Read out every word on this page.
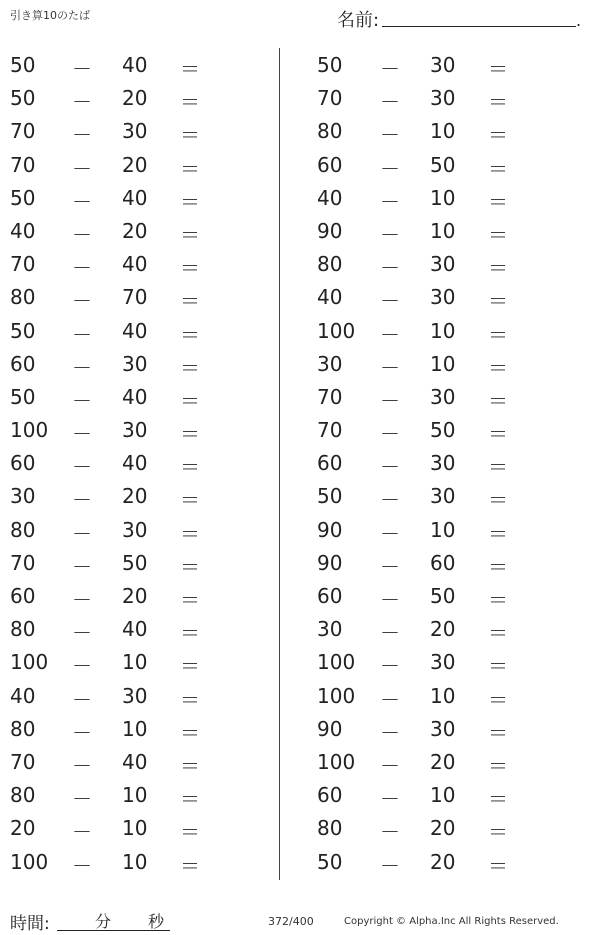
引き算10のたば	名前:	.
50 － 40 ＝
50 － 20 ＝
70 － 30 ＝
70 － 20 ＝
50 － 40 ＝
40 － 20 ＝
70 － 40 ＝
80 － 70 ＝
50 － 40 ＝
60 － 30 ＝
50 － 40 ＝
100 － 30 ＝
60 － 40 ＝
30 － 20 ＝
80 － 30 ＝
70 － 50 ＝
60 － 20 ＝
80 － 40 ＝
100 － 10 ＝
40 － 30 ＝
80 － 10 ＝
70 － 40 ＝
80 － 10 ＝
20 － 10 ＝
100 － 10 ＝
50 － 30 ＝
70 － 30 ＝
80 － 10 ＝
60 － 50 ＝
40 － 10 ＝
90 － 10 ＝
80 － 30 ＝
40 － 30 ＝
100 － 10 ＝
30 － 10 ＝
70 － 30 ＝
70 － 50 ＝
60 － 30 ＝
50 － 30 ＝
90 － 10 ＝
90 － 60 ＝
60 － 50 ＝
30 － 20 ＝
100 － 30 ＝
100 － 10 ＝
90 － 30 ＝
100 － 20 ＝
60 － 10 ＝
80 － 20 ＝
50 － 20 ＝
時間:	分 秒	372/400	Copyright © Alpha.Inc All Rights Reserved.
